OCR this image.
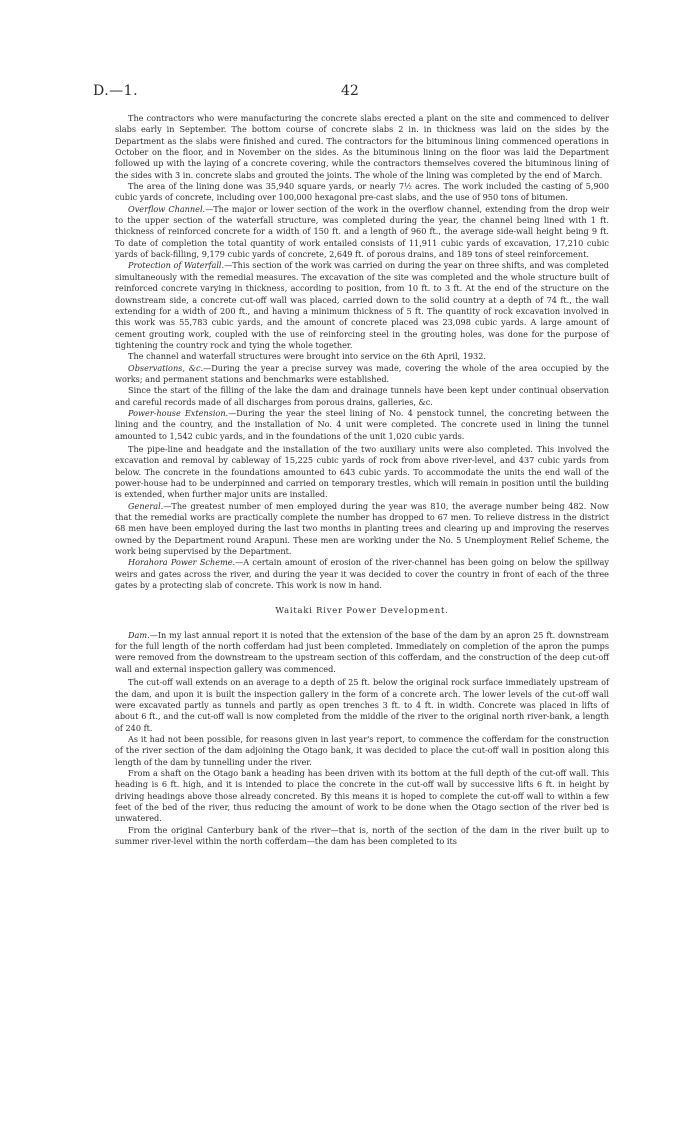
D.—1.	42

The contractors who were manufacturing the concrete slabs erected a plant on the site and commenced to deliver slabs early in September. The bottom course of concrete slabs 2 in. in thickness was laid on the sides by the Department as the slabs were finished and cured. The contractors for the bituminous lining commenced operations in October on the floor, and in November on the sides. As the bituminous lining on the floor was laid the Department followed up with the laying of a concrete covering, while the contractors themselves covered the bituminous lining of the sides with 3 in. concrete slabs and grouted the joints. The whole of the lining was completed by the end of March.

The area of the lining done was 35,940 square yards, or nearly 7½ acres. The work included the casting of 5,900 cubic yards of concrete, including over 100,000 hexagonal pre-cast slabs, and the use of 950 tons of bitumen.

Overflow Channel.—The major or lower section of the work in the overflow channel, extending from the drop weir to the upper section of the waterfall structure, was completed during the year, the channel being lined with 1 ft. thickness of reinforced concrete for a width of 150 ft. and a length of 960 ft., the average side-wall height being 9 ft. To date of completion the total quantity of work entailed consists of 11,911 cubic yards of excavation, 17,210 cubic yards of back-filling, 9,179 cubic yards of concrete, 2,649 ft. of porous drains, and 189 tons of steel reinforcement.

Protection of Waterfall.—This section of the work was carried on during the year on three shifts, and was completed simultaneously with the remedial measures. The excavation of the site was completed and the whole structure built of reinforced concrete varying in thickness, according to position, from 10 ft. to 3 ft. At the end of the structure on the downstream side, a concrete cut-off wall was placed, carried down to the solid country at a depth of 74 ft., the wall extending for a width of 200 ft., and having a minimum thickness of 5 ft. The quantity of rock excavation involved in this work was 55,783 cubic yards, and the amount of concrete placed was 23,098 cubic yards. A large amount of cement grouting work, coupled with the use of reinforcing steel in the grouting holes, was done for the purpose of tightening the country rock and tying the whole together.

The channel and waterfall structures were brought into service on the 6th April, 1932.

Observations, &c.—During the year a precise survey was made, covering the whole of the area occupied by the works; and permanent stations and benchmarks were established.

Since the start of the filling of the lake the dam and drainage tunnels have been kept under continual observation and careful records made of all discharges from porous drains, galleries, &c.

Power-house Extension.—During the year the steel lining of No. 4 penstock tunnel, the concreting between the lining and the country, and the installation of No. 4 unit were completed. The concrete used in lining the tunnel amounted to 1,542 cubic yards, and in the foundations of the unit 1,020 cubic yards.

The pipe-line and headgate and the installation of the two auxiliary units were also completed. This involved the excavation and removal by cableway of 15,225 cubic yards of rock from above river-level, and 437 cubic yards from below. The concrete in the foundations amounted to 643 cubic yards. To accommodate the units the end wall of the power-house had to be underpinned and carried on temporary trestles, which will remain in position until the building is extended, when further major units are installed.

General.—The greatest number of men employed during the year was 810, the average number being 482. Now that the remedial works are practically complete the number has dropped to 67 men. To relieve distress in the district 68 men have been employed during the last two months in planting trees and clearing up and improving the reserves owned by the Department round Arapuni. These men are working under the No. 5 Unemployment Relief Scheme, the work being supervised by the Department.

Horahora Power Scheme.—A certain amount of erosion of the river-channel has been going on below the spillway weirs and gates across the river, and during the year it was decided to cover the country in front of each of the three gates by a protecting slab of concrete. This work is now in hand.

Waitaki River Power Development.

Dam.—In my last annual report it is noted that the extension of the base of the dam by an apron 25 ft. downstream for the full length of the north cofferdam had just been completed. Immediately on completion of the apron the pumps were removed from the downstream to the upstream section of this cofferdam, and the construction of the deep cut-off wall and external inspection gallery was commenced.

The cut-off wall extends on an average to a depth of 25 ft. below the original rock surface immediately upstream of the dam, and upon it is built the inspection gallery in the form of a concrete arch. The lower levels of the cut-off wall were excavated partly as tunnels and partly as open trenches 3 ft. to 4 ft. in width. Concrete was placed in lifts of about 6 ft., and the cut-off wall is now completed from the middle of the river to the original north river-bank, a length of 240 ft.

As it had not been possible, for reasons given in last year's report, to commence the cofferdam for the construction of the river section of the dam adjoining the Otago bank, it was decided to place the cut-off wall in position along this length of the dam by tunnelling under the river.

From a shaft on the Otago bank a heading has been driven with its bottom at the full depth of the cut-off wall. This heading is 6 ft. high, and it is intended to place the concrete in the cut-off wall by successive lifts 6 ft. in height by driving headings above those already concreted. By this means it is hoped to complete the cut-off wall to within a few feet of the bed of the river, thus reducing the amount of work to be done when the Otago section of the river bed is unwatered.

From the original Canterbury bank of the river—that is, north of the section of the dam in the river built up to summer river-level within the north cofferdam—the dam has been completed to its
